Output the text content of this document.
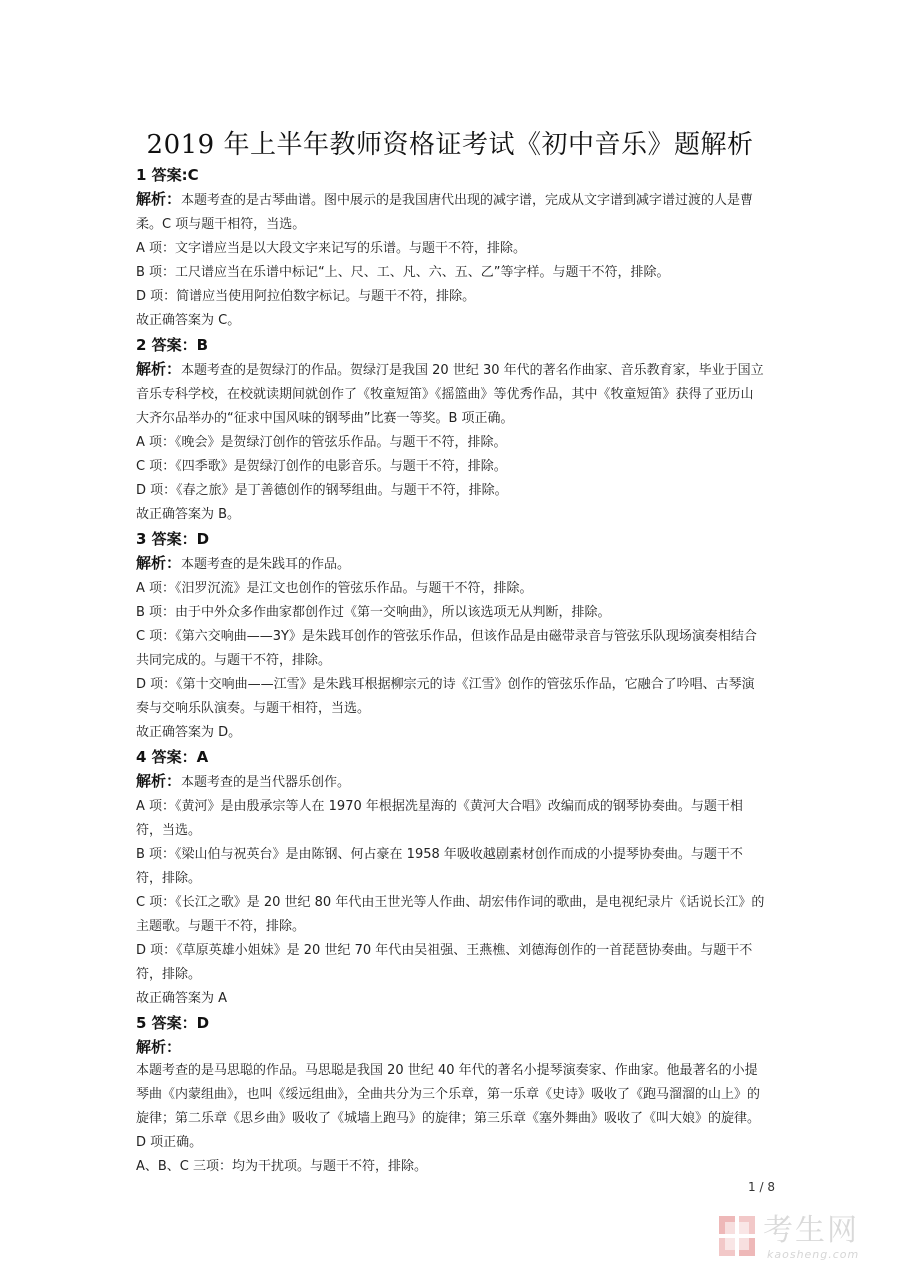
2019 年上半年教师资格证考试《初中音乐》题解析

1 答案:C

解析：本题考查的是古琴曲谱。图中展示的是我国唐代出现的减字谱，完成从文字谱到减字谱过渡的人是曹柔。C 项与题干相符，当选。

A 项：文字谱应当是以大段文字来记写的乐谱。与题干不符，排除。

B 项：工尺谱应当在乐谱中标记“上、尺、工、凡、六、五、乙”等字样。与题干不符，排除。

D 项：简谱应当使用阿拉伯数字标记。与题干不符，排除。

故正确答案为 C。

2 答案：B

解析：本题考查的是贺绿汀的作品。贺绿汀是我国 20 世纪 30 年代的著名作曲家、音乐教育家，毕业于国立音乐专科学校，在校就读期间就创作了《牧童短笛》《摇篮曲》等优秀作品，其中《牧童短笛》获得了亚历山大齐尔品举办的“征求中国风味的钢琴曲”比赛一等奖。B 项正确。

A 项：《晚会》是贺绿汀创作的管弦乐作品。与题干不符，排除。

C 项：《四季歌》是贺绿汀创作的电影音乐。与题干不符，排除。

D 项：《春之旅》是丁善德创作的钢琴组曲。与题干不符，排除。

故正确答案为 B。

3 答案：D

解析：本题考查的是朱践耳的作品。

A 项：《汨罗沉流》是江文也创作的管弦乐作品。与题干不符，排除。

B 项：由于中外众多作曲家都创作过《第一交响曲》，所以该选项无从判断，排除。

C 项：《第六交响曲——3Y》是朱践耳创作的管弦乐作品，但该作品是由磁带录音与管弦乐队现场演奏相结合共同完成的。与题干不符，排除。

D 项：《第十交响曲——江雪》是朱践耳根据柳宗元的诗《江雪》创作的管弦乐作品，它融合了吟唱、古琴演奏与交响乐队演奏。与题干相符，当选。

故正确答案为 D。

4 答案：A

解析：本题考查的是当代器乐创作。

A 项：《黄河》是由殷承宗等人在 1970 年根据冼星海的《黄河大合唱》改编而成的钢琴协奏曲。与题干相符，当选。

B 项：《梁山伯与祝英台》是由陈钢、何占豪在 1958 年吸收越剧素材创作而成的小提琴协奏曲。与题干不符，排除。

C 项：《长江之歌》是 20 世纪 80 年代由王世光等人作曲、胡宏伟作词的歌曲，是电视纪录片《话说长江》的主题歌。与题干不符，排除。

D 项：《草原英雄小姐妹》是 20 世纪 70 年代由吴祖强、王燕樵、刘德海创作的一首琵琶协奏曲。与题干不符，排除。

故正确答案为 A

5 答案：D

解析：

本题考查的是马思聪的作品。马思聪是我国 20 世纪 40 年代的著名小提琴演奏家、作曲家。他最著名的小提琴曲《内蒙组曲》，也叫《绥远组曲》，全曲共分为三个乐章，第一乐章《史诗》吸收了《跑马溜溜的山上》的旋律；第二乐章《思乡曲》吸收了《城墙上跑马》的旋律；第三乐章《塞外舞曲》吸收了《叫大娘》的旋律。D 项正确。

A、B、C 三项：均为干扰项。与题干不符，排除。

1 / 8
考生网
kaosheng.com
